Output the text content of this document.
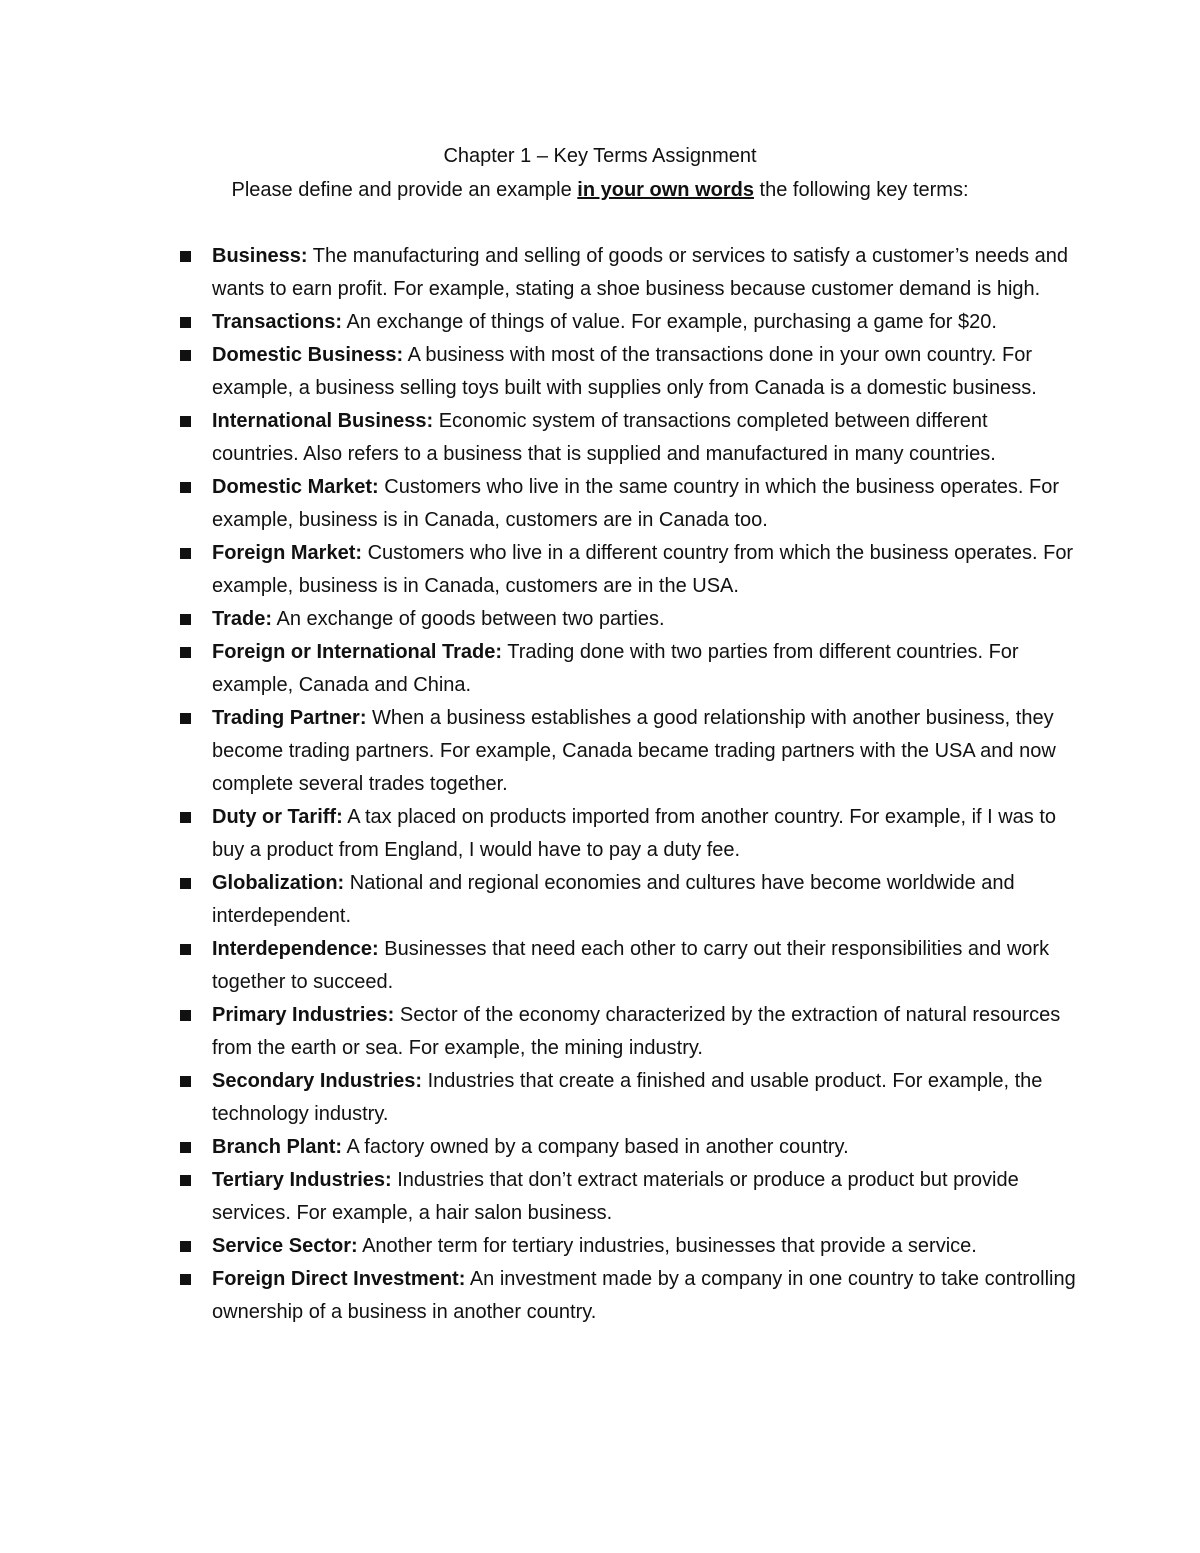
Chapter 1 – Key Terms Assignment
Please define and provide an example in your own words the following key terms:
Business: The manufacturing and selling of goods or services to satisfy a customer’s needs and wants to earn profit. For example, stating a shoe business because customer demand is high.
Transactions: An exchange of things of value. For example, purchasing a game for $20.
Domestic Business: A business with most of the transactions done in your own country. For example, a business selling toys built with supplies only from Canada is a domestic business.
International Business: Economic system of transactions completed between different countries. Also refers to a business that is supplied and manufactured in many countries.
Domestic Market: Customers who live in the same country in which the business operates. For example, business is in Canada, customers are in Canada too.
Foreign Market: Customers who live in a different country from which the business operates. For example, business is in Canada, customers are in the USA.
Trade: An exchange of goods between two parties.
Foreign or International Trade: Trading done with two parties from different countries. For example, Canada and China.
Trading Partner: When a business establishes a good relationship with another business, they become trading partners. For example, Canada became trading partners with the USA and now complete several trades together.
Duty or Tariff: A tax placed on products imported from another country. For example, if I was to buy a product from England, I would have to pay a duty fee.
Globalization: National and regional economies and cultures have become worldwide and interdependent.
Interdependence: Businesses that need each other to carry out their responsibilities and work together to succeed.
Primary Industries: Sector of the economy characterized by the extraction of natural resources from the earth or sea. For example, the mining industry.
Secondary Industries: Industries that create a finished and usable product. For example, the technology industry.
Branch Plant: A factory owned by a company based in another country.
Tertiary Industries: Industries that don’t extract materials or produce a product but provide services. For example, a hair salon business.
Service Sector: Another term for tertiary industries, businesses that provide a service.
Foreign Direct Investment: An investment made by a company in one country to take controlling ownership of a business in another country.
